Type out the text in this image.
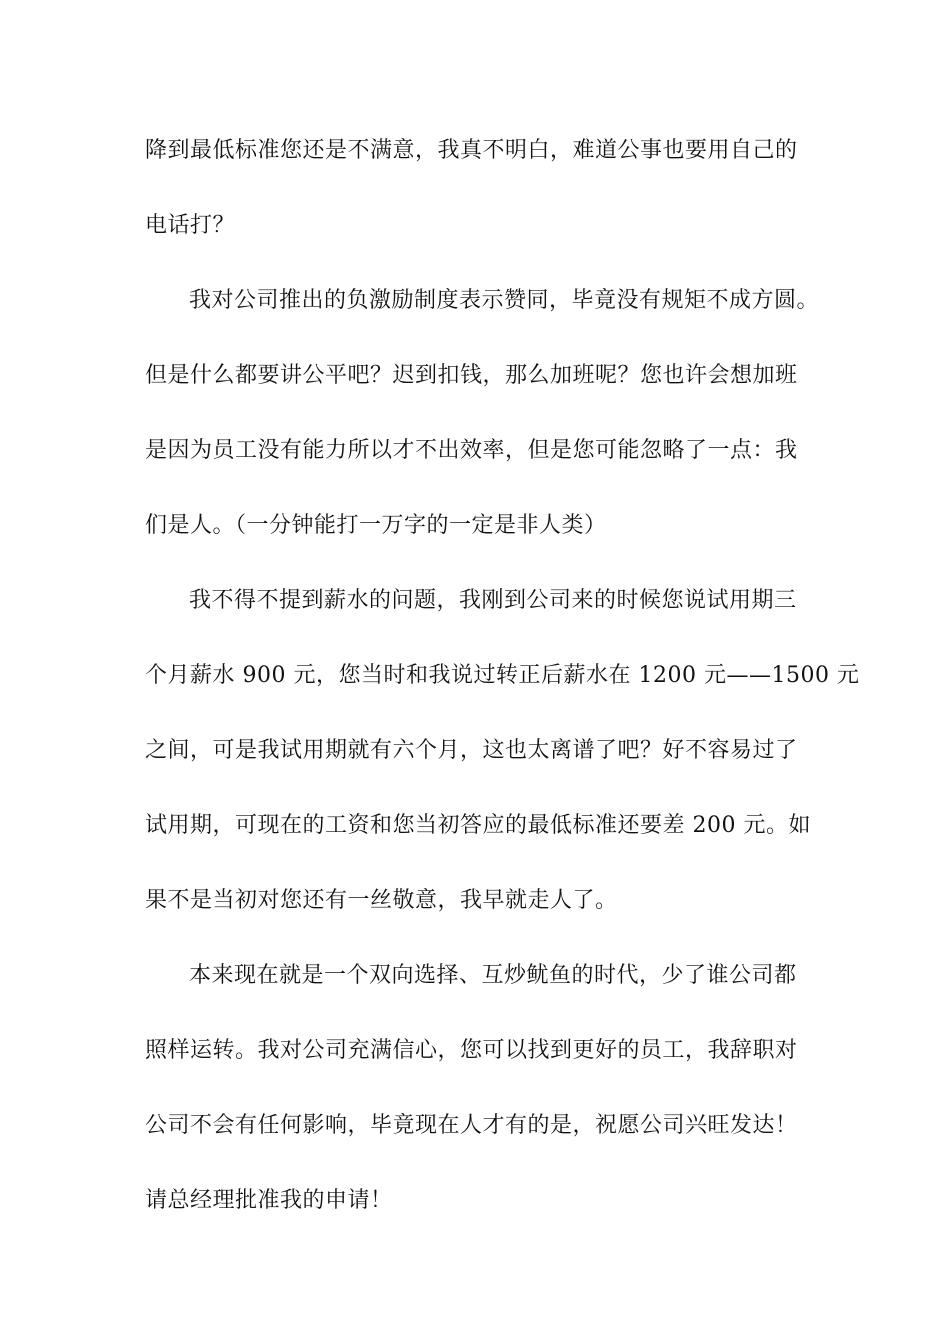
降到最低标准您还是不满意，我真不明白，难道公事也要用自己的
电话打？
我对公司推出的负激励制度表示赞同，毕竟没有规矩不成方圆。
但是什么都要讲公平吧？迟到扣钱，那么加班呢？您也许会想加班
是因为员工没有能力所以才不出效率，但是您可能忽略了一点：我
们是人。（一分钟能打一万字的一定是非人类）
我不得不提到薪水的问题，我刚到公司来的时候您说试用期三
个月薪水 900 元，您当时和我说过转正后薪水在 1200 元——1500 元
之间，可是我试用期就有六个月，这也太离谱了吧？好不容易过了
试用期，可现在的工资和您当初答应的最低标准还要差 200 元。如
果不是当初对您还有一丝敬意，我早就走人了。
本来现在就是一个双向选择、互炒鱿鱼的时代，少了谁公司都
照样运转。我对公司充满信心，您可以找到更好的员工，我辞职对
公司不会有任何影响，毕竟现在人才有的是，祝愿公司兴旺发达！
请总经理批准我的申请！
